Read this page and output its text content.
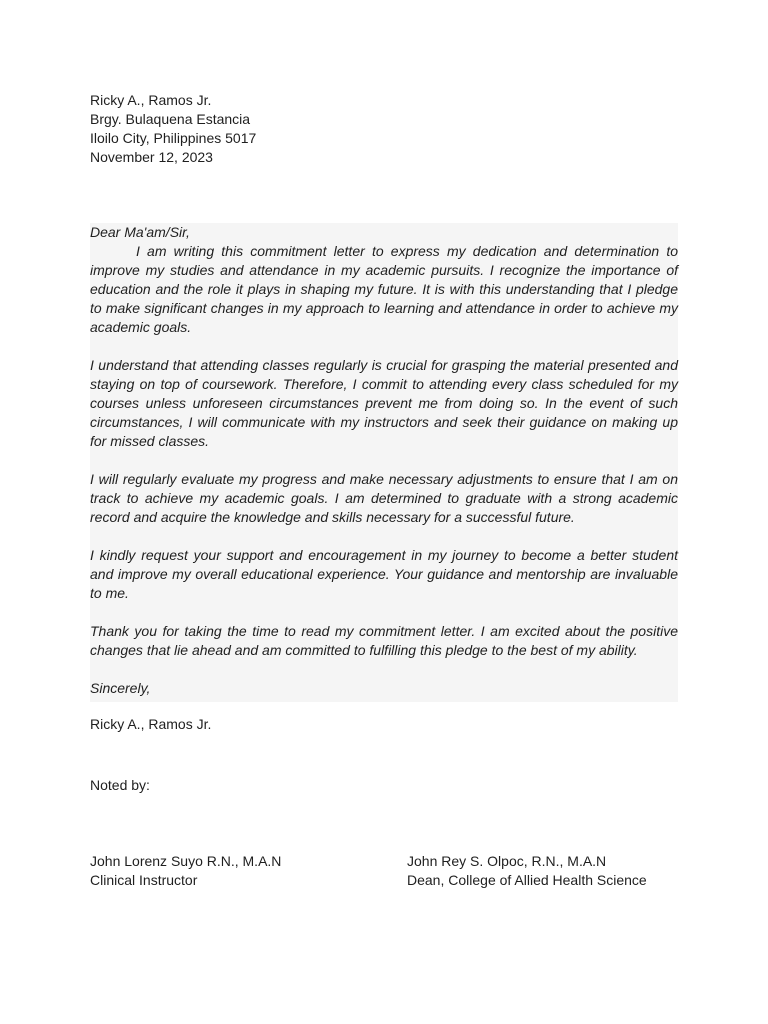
Ricky A., Ramos Jr.
Brgy. Bulaquena Estancia
Iloilo City, Philippines 5017
November 12, 2023

Dear Ma'am/Sir,

I am writing this commitment letter to express my dedication and determination to improve my studies and attendance in my academic pursuits. I recognize the importance of education and the role it plays in shaping my future. It is with this understanding that I pledge to make significant changes in my approach to learning and attendance in order to achieve my academic goals.

I understand that attending classes regularly is crucial for grasping the material presented and staying on top of coursework. Therefore, I commit to attending every class scheduled for my courses unless unforeseen circumstances prevent me from doing so. In the event of such circumstances, I will communicate with my instructors and seek their guidance on making up for missed classes.

I will regularly evaluate my progress and make necessary adjustments to ensure that I am on track to achieve my academic goals. I am determined to graduate with a strong academic record and acquire the knowledge and skills necessary for a successful future.

I kindly request your support and encouragement in my journey to become a better student and improve my overall educational experience. Your guidance and mentorship are invaluable to me.

Thank you for taking the time to read my commitment letter. I am excited about the positive changes that lie ahead and am committed to fulfilling this pledge to the best of my ability.

Sincerely,

Ricky A., Ramos Jr.
Noted by:
John Lorenz Suyo R.N., M.A.N
Clinical Instructor
John Rey S. Olpoc, R.N., M.A.N
Dean, College of Allied Health Science
